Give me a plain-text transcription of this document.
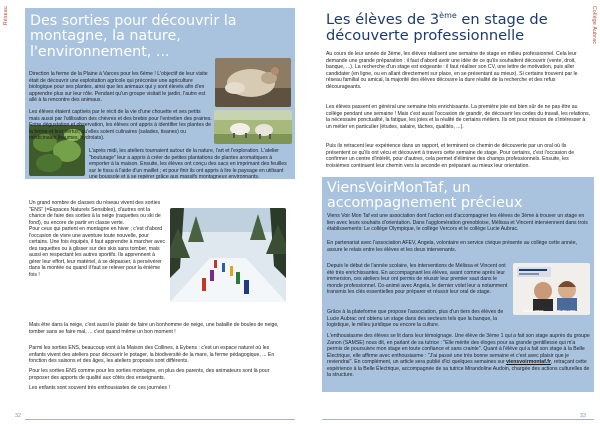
Réseau Des sorties pour découvrir la montagne, la nature, l'environnement, ...
Direction la ferme de la Plaine à Varces pour les 6ème ! L'objectif de leur visite était de découvrir une exploitation agricole qui préconise une agriculture biologique pour ses plantes, ainsi que les animaux qui y sont élevés afin d'en apprendre plus sur leur rôle. Pendant qu'un groupe visitait le jardin, l'autre est allé à la rencontre des animaux.
Les élèves étaient captivés par le récit de la vie d'une chouette et ses petits mais aussi par l'utilisation des chèvres et des brebis pour l'entretien des prairies. Entre dégustation et observation, les élèves ont appris à identifier les plantes de la ferme et leur vertus, qu'elles soient culinaires (salades, tisanes) ou médicinales (baumes, hydrolats).
L'après midi, les ateliers tournaient autour de la nature, l'art et l'exploration. L'atelier "bouturage" leur a appris à créer de petites plantations de plantes aromatiques à emporter à la maison. Ensuite, les élèves ont conçu des sacs en imprimant des feuilles sur le tissu à l'aide d'un maillet ; et pour finir ils ont appris à lire le paysage en utilisant une boussole et à se repérer grâce aux massifs montagneux environnants.
Un grand nombre de classes du réseau vivent des sorties "ENS" (=Espaces Naturels Sensibles), d'autres ont la chance de faire des sorties à la neige (raquettes ou ski de fond), ou encore de partir en classe verte.
Pour ceux qui partent en montagne en hiver ; c'est d'abord l'occasion de vivre une aventure toute nouvelle, pour certains. Une fois équipés, il faut apprendre à marcher avec des raquettes ou à glisser sur des skis sans tomber, mais aussi en respectant les autres sportifs. Ils apprennent à gérer leur effort, leur matériel, à se dépasser, à persévérer dans la montée ou quand il faut se relever pour la énième fois !
Mais être dans la neige, c'est aussi le plaisir de faire un bonhomme de neige, une bataille de boules de neige, tomber sans se faire mal, ... c'est quand même un bon moment !
Parmi les sorties ENS, beaucoup vont à la Maison des Collines, à Eybens : c'est un espace naturel où les enfants vivent des ateliers pour découvrir le potager, la biodiversité de la mare, la ferme pédagogique, ... En fonction des saisons et des âges, les ateliers proposés sont différents.
Pour les sorties ENS comme pour les sorties montagne, en plus des parents, des animateurs sont là pour proposer des apports de qualité aux côtés des enseignants.
Les enfants sont souvent très enthousiastes de ces journées !
32
Collège Aubrac
Les élèves de 3ème en stage de découverte professionnelle
Au cours de leur année de 3ème, les élèves réalisent une semaine de stage en milieu professionnel. Cela leur demande une grande préparation : il faut d'abord avoir une idée de ce qu'ils souhaitent découvrir (vente, droit, banque, ...). La recherche d'un stage est exigeante : il faut réaliser son CV, une lettre de motivation, puis aller candidater (en ligne, ou en allant directement sur place, en se présentant au mieux). Si certains trouvent par le réseau familial ou amical, la majorité des élèves découvre la dure réalité de la recherche et des refus décourageants.
Les élèves passent en général une semaine très enrichissante. La première joie est bien sûr de ne pas être au collège pendant une semaine ! Mais c'est aussi l'occasion de grandir, de découvrir les codes du travail, les relations, la nécessaire ponctualité, la fatigue, les joies et la réalité de certains métiers. Ils ont pour mission de s'intéresser à un métier en particulier (études, salaire, tâches, qualités, ...).
Puis ils retracent leur expérience dans un rapport, et terminent ce chemin de découverte par un oral où ils présentent ce qu'ils ont vécu et découvert à travers cette semaine de stage. Pour certains, c'est l'occasion de confirmer un centre d'intérêt, pour d'autres, cela permet d'éliminer des champs professionnels. Ensuite, les troisièmes continuent leur chemin vers la seconde en préparant au mieux leur orientation.
ViensVoirMonTaf, un accompagnement précieux
Viens Voir Mon Taf est une association dont l'action est d'accompagner les élèves de 3ème à trouver un stage en lien avec leurs souhaits d'orientation. Dans l'agglomération grenobloise, Mélissa et Vincent interviennent dans trois établissements: Le collège Olympique, le collège Vercors et le collège Lucie Aubrac.
En partenariat avec l'association AFEV, Angela, volontaire en service civique présente au collège cette année, assure le relais entre les élèves et les deux intervenants.
Depuis le début de l'année scolaire, les interventions de Mélissa et Vincent ont été très enrichissantes. En accompagnant les élèves, avant comme après leur immersion, ces ateliers leur ont permis de réussir leur premier saut dans le monde professionnel. Co-animé avec Angela, le dernier volet leur a notamment transmis les clés essentielles pour préparer et réussir leur oral de stage.
VINCENT ORIGNE	MÉLISSA LIBER
Grâce à la plateforme que propose l'association, plus d'un tiers des élèves de Lucie Aubrac ont obtenu un stage dans des secteurs tels que la banque, la logistique, le milieu juridique ou encore la culture.
L'enthousiasme des élèves se lit dans leur témoignage. Une élève de 3ème 1 qui a fait son stage auprès du groupe Zanon (SAMSE) nous dit, en parlant de sa tutrice : "Elle mérite des éloges pour sa grande gentillesse qui m'a permis de poursuivre mon stage en toute confiance et sans crainte". Quant à l'élève qui a fait son stage à la Belle Électrique, elle affirme avec enthousiasme : "J'ai passé une très bonne semaine et c'est avec plaisir que je reviendrai". En complément, un article sera publié d'ici quelques semaines sur viensvoirmontaf.fr, retraçant cette expérience à la Belle Électrique, accompagnée de sa tutrice Mirandoline Audoin, chargée des actions culturelles de la structure.
33
